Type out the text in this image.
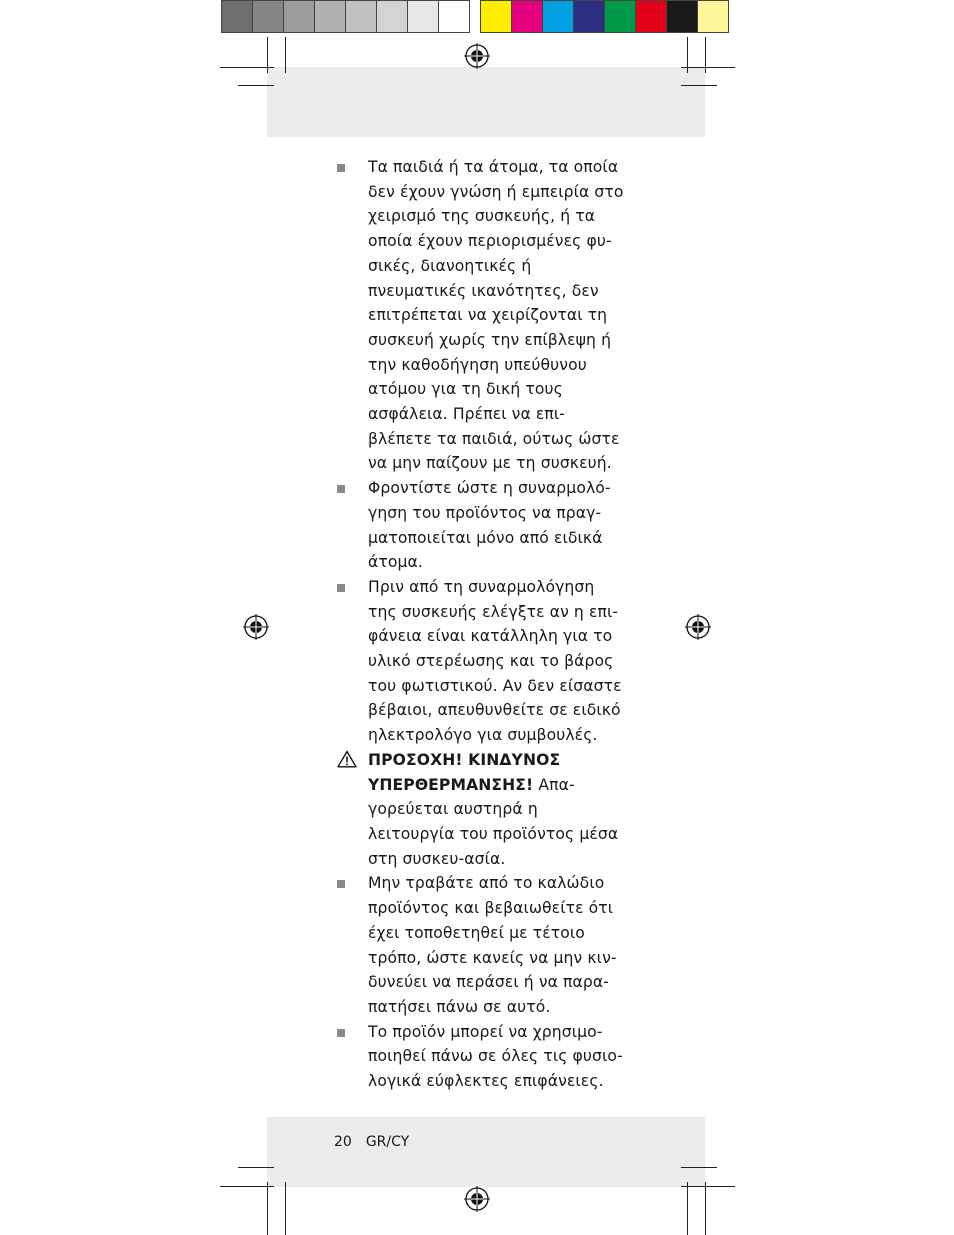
Τα παιδιά ή τα άτομα, τα οποία δεν έχουν γνώση ή εμπειρία στο χειρισμό της συσκευής, ή τα οποία έχουν περιορισμένες φυ-σικές, διανοητικές ή πνευματικές ικανότητες, δεν επιτρέπεται να χειρίζονται τη συσκευή χωρίς την επίβλεψη ή την καθοδήγηση υπεύθυνου ατόμου για τη δική τους ασφάλεια. Πρέπει να επι-βλέπετε τα παιδιά, ούτως ώστε να μην παίζουν με τη συσκευή.
Φροντίστε ώστε η συναρμολό-γηση του προϊόντος να πραγ-ματοποιείται μόνο από ειδικά άτομα.
Πριν από τη συναρμολόγηση της συσκευής ελέγξτε αν η επι-φάνεια είναι κατάλληλη για το υλικό στερέωσης και το βάρος του φωτιστικού. Αν δεν είσαστε βέβαιοι, απευθυνθείτε σε ειδικό ηλεκτρολόγο για συμβουλές.
ΠΡΟΣΟΧΗ! ΚΙΝΔΥΝΟΣ ΥΠΕΡΘΕΡΜΑΝΣΗΣ! Απα-γορεύεται αυστηρά η λειτουργία του προϊόντος μέσα στη συσκευ-ασία.
Μην τραβάτε από το καλώδιο προϊόντος και βεβαιωθείτε ότι έχει τοποθετηθεί με τέτοιο τρόπο, ώστε κανείς να μην κιν-δυνεύει να περάσει ή να παρα-πατήσει πάνω σε αυτό.
Το προϊόν μπορεί να χρησιμο-ποιηθεί πάνω σε όλες τις φυσιο-λογικά εύφλεκτες επιφάνειες.
20 GR/CY
